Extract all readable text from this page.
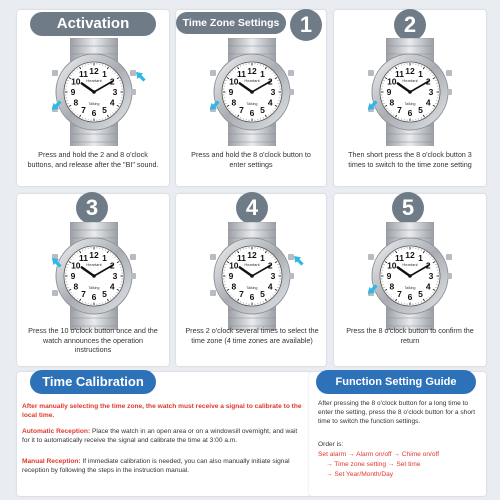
Activation	Time Zone Settings 1	2
3	4	5
12 1
3
4
5
6
7
8
9
10
11
Heartant
Talking
12 1
3
4
5
6
7
8
9
10
11
Heartant
Talking
12 1
3
4
5
6
7
8
9
10
11
Heartant
Talking
12 1
3
4
5
6
7
8
9
10
11
Heartant
Talking
12 1
3
4
5
6
7
8
9
10
11
Heartant
Talking
12 1
3
4
5
6
7
8
9
10
11
Heartant
Talking
Press and hold the 2 and 8 o'clock buttons, and release after the "BI" sound.
Press and hold the 8 o'clock button to enter settings
Then short press the 8 o'clock button 3 times to switch to the time zone setting
Press the 10 o'clock button once and the watch announces the operation instructions
Press 2 o'clock several times to select the time zone (4 time zones are available)
Press the 8 o'clock button to confirm the return
Time Calibration
After manually selecting the time zone, the watch must receive a signal to calibrate to the local time.
Automatic Reception: Place the watch in an open area or on a windowsill overnight, and wait for it to automatically receive the signal and calibrate the time at 3:00 a.m.
Manual Reception: If immediate calibration is needed, you can also manually initiate signal reception by following the steps in the instruction manual.
Function Setting Guide
After pressing the 8 o'clock button for a long time to enter the setting, press the 8 o'clock button for a short time to switch the function settings.
Order is:
Set alarm → Alarm on/off → Chime on/off
→ Time zone setting → Set time
→ Set Year/Month/Day
